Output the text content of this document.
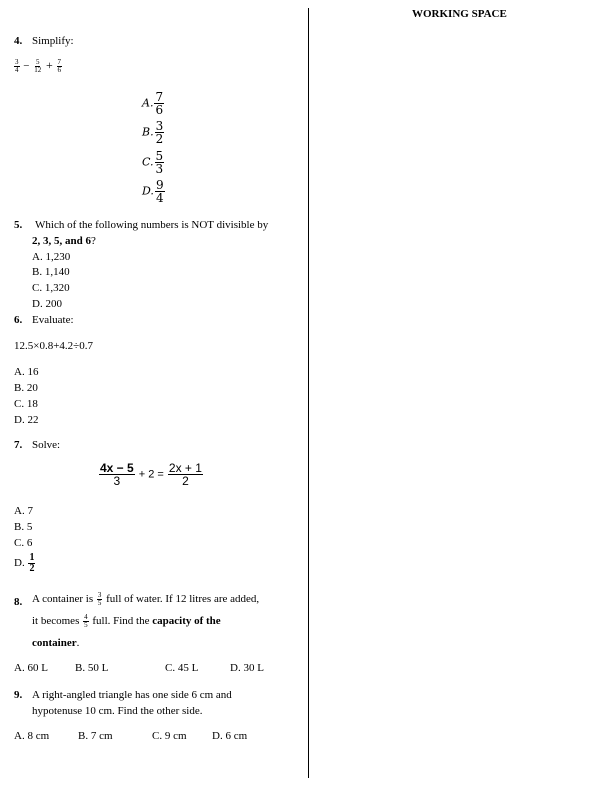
WORKING SPACE
4. Simplify:
$\frac{3}{4} - \frac{5}{12} + \frac{7}{6}$
A. $\frac{7}{6}$
B. $\frac{3}{2}$
C. $\frac{5}{3}$
D. $\frac{9}{4}$
5. Which of the following numbers is NOT divisible by
2, 3, 5, and 6?
A. 1,230
B. 1,140
C. 1,320
D. 200
6. Evaluate:
12.5×0.8+4.2÷0.7
A. 16
B. 20
C. 18
D. 22
7. Solve:
$\frac{4x - 5}{3} + 2 = \frac{2x + 1}{2}$
A. 7
B. 5
C. 6
D. $\frac{1}{2}$
8. A container is $\frac{3}{5}$ full of water. If 12 litres are added,
it becomes $\frac{4}{5}$ full. Find the capacity of the
container.
A. 60 L B. 50 L	C. 45 L	D. 30 L
9. A right-angled triangle has one side 6 cm and
hypotenuse 10 cm. Find the other side.
A. 8 cm	B. 7 cm	C. 9 cm D. 6 cm
